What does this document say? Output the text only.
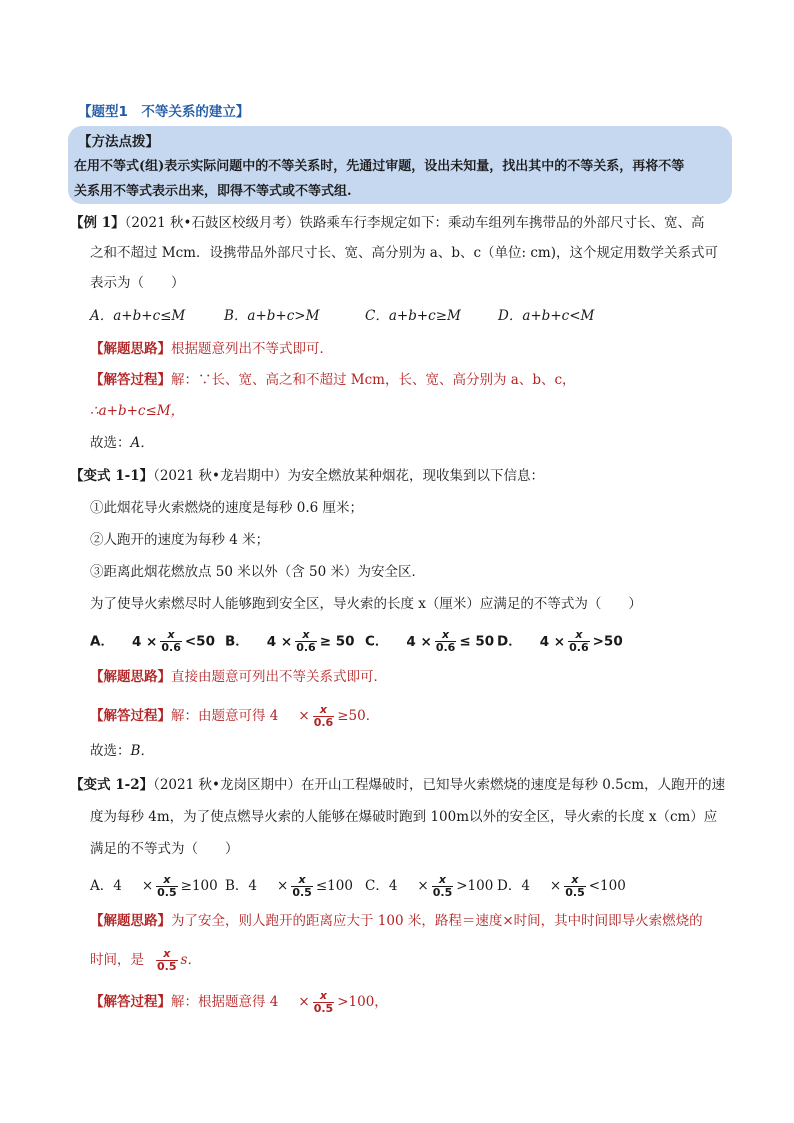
【题型1　不等关系的建立】
【方法点拨】
在用不等式(组)表示实际问题中的不等关系时，先通过审题，设出未知量，找出其中的不等关系，再将不等
关系用不等式表示出来，即得不等式或不等式组.
【例 1】（2021 秋•石鼓区校级月考）铁路乘车行李规定如下：乘动车组列车携带品的外部尺寸长、宽、高
之和不超过 Mcm．设携带品外部尺寸长、宽、高分别为 a、b、c（单位: cm)，这个规定用数学关系式可
表示为（　　）
A．a+b+c≤M	B．a+b+c>M	C．a+b+c≥M	D．a+b+c<M
【解题思路】根据题意列出不等式即可．
【解答过程】解：∵长、宽、高之和不超过 Mcm，长、宽、高分别为 a、b、c，
∴a+b+c≤M，
故选：A．
【变式 1-1】（2021 秋•龙岩期中）为安全燃放某种烟花，现收集到以下信息：
①此烟花导火索燃烧的速度是每秒 0.6 厘米；
②人跑开的速度为每秒 4 米；
③距离此烟花燃放点 50 米以外（含 50 米）为安全区．
为了使导火索燃尽时人能够跑到安全区，导火索的长度 x（厘米）应满足的不等式为（　　）
A． $4 \times \frac{x}{0.6} <50$ B． $4 \times \frac{x}{0.6} \ge 50$ C． $4 \times \frac{x}{0.6} \le 50$ D． $4 \times \frac{x}{0.6} >50$
【解题思路】直接由题意可列出不等关系式即可．
【解答过程】解：由题意可得 $4 \times \frac{x}{0.6} \ge 50$．
故选：B．
【变式 1-2】（2021 秋•龙岗区期中）在开山工程爆破时，已知导火索燃烧的速度是每秒 0.5cm，人跑开的速
度为每秒 4m，为了使点燃导火索的人能够在爆破时跑到 100m以外的安全区，导火索的长度 x（cm）应
满足的不等式为（　　）
A．$4 \times \frac{x}{0.5} \ge 100$ B．$4 \times \frac{x}{0.5} \le 100$ C．$4 \times \frac{x}{0.5} >100$ D．$4 \times \frac{x}{0.5} <100$
【解题思路】为了安全，则人跑开的距离应大于 100 米，路程＝速度×时间，其中时间即导火索燃烧的
时间，是 $\frac{x}{0.5}$ s．
【解答过程】解：根据题意得 $4 \times \frac{x}{0.5} >100$，
